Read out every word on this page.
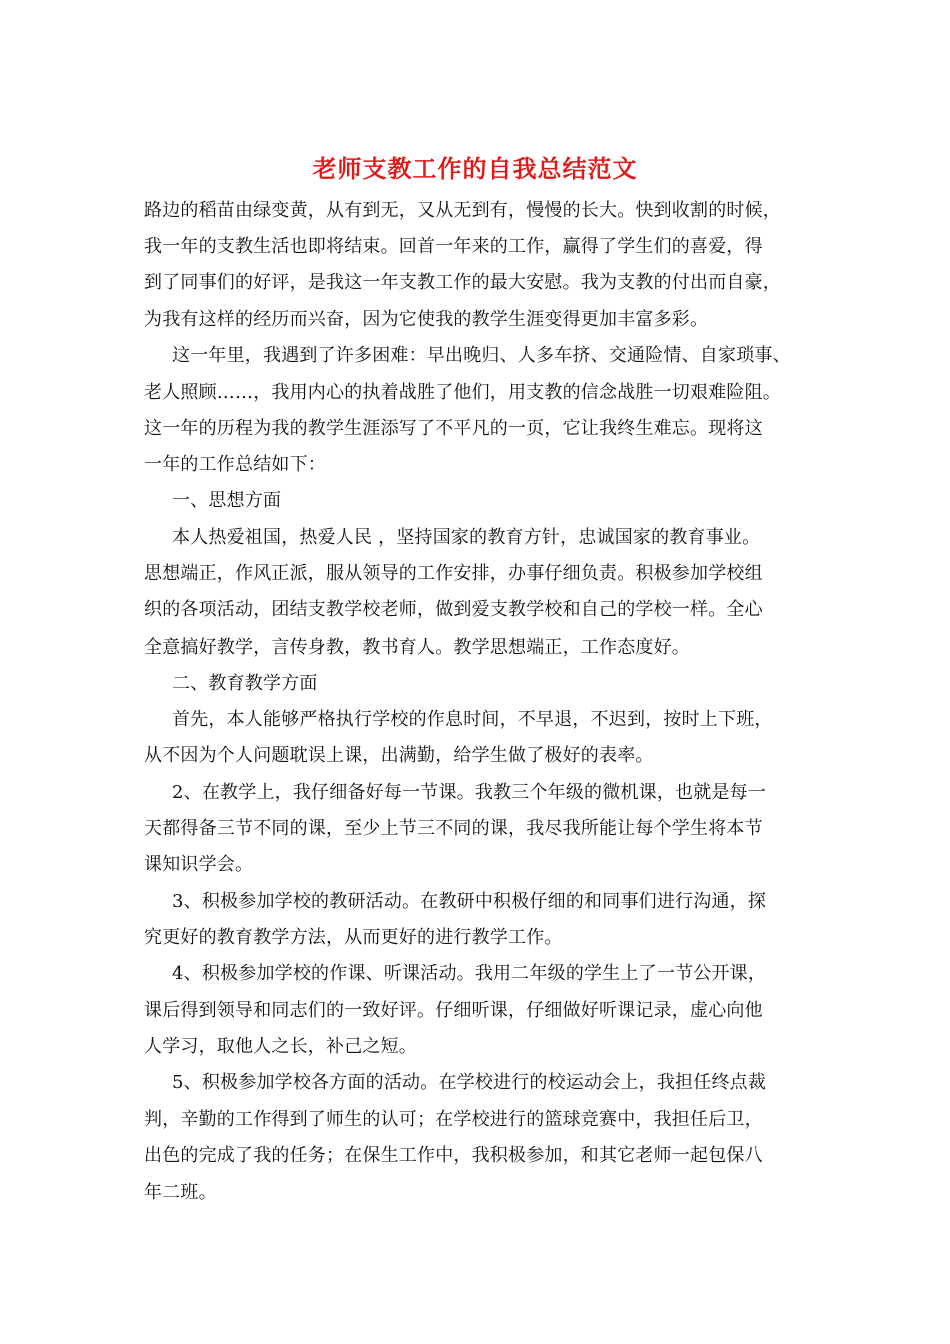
老师支教工作的自我总结范文
路边的稻苗由绿变黄，从有到无，又从无到有，慢慢的长大。快到收割的时候，
我一年的支教生活也即将结束。回首一年来的工作，赢得了学生们的喜爱，得
到了同事们的好评，是我这一年支教工作的最大安慰。我为支教的付出而自豪，
为我有这样的经历而兴奋，因为它使我的教学生涯变得更加丰富多彩。
这一年里，我遇到了许多困难：早出晚归、人多车挤、交通险情、自家琐事、
老人照顾……，我用内心的执着战胜了他们，用支教的信念战胜一切艰难险阻。
这一年的历程为我的教学生涯添写了不平凡的一页，它让我终生难忘。现将这
一年的工作总结如下：
一、思想方面
本人热爱祖国，热爱人民 ，坚持国家的教育方针，忠诚国家的教育事业。
思想端正，作风正派，服从领导的工作安排，办事仔细负责。积极参加学校组
织的各项活动，团结支教学校老师，做到爱支教学校和自己的学校一样。全心
全意搞好教学，言传身教，教书育人。教学思想端正，工作态度好。
二、教育教学方面
首先，本人能够严格执行学校的作息时间，不早退，不迟到，按时上下班，
从不因为个人问题耽误上课，出满勤，给学生做了极好的表率。
2、在教学上，我仔细备好每一节课。我教三个年级的微机课，也就是每一
天都得备三节不同的课，至少上节三不同的课，我尽我所能让每个学生将本节
课知识学会。
3、积极参加学校的教研活动。在教研中积极仔细的和同事们进行沟通，探
究更好的教育教学方法，从而更好的进行教学工作。
4、积极参加学校的作课、听课活动。我用二年级的学生上了一节公开课，
课后得到领导和同志们的一致好评。仔细听课，仔细做好听课记录，虚心向他
人学习，取他人之长，补己之短。
5、积极参加学校各方面的活动。在学校进行的校运动会上，我担任终点裁
判，辛勤的工作得到了师生的认可；在学校进行的篮球竞赛中，我担任后卫，
出色的完成了我的任务；在保生工作中，我积极参加，和其它老师一起包保八
年二班。
